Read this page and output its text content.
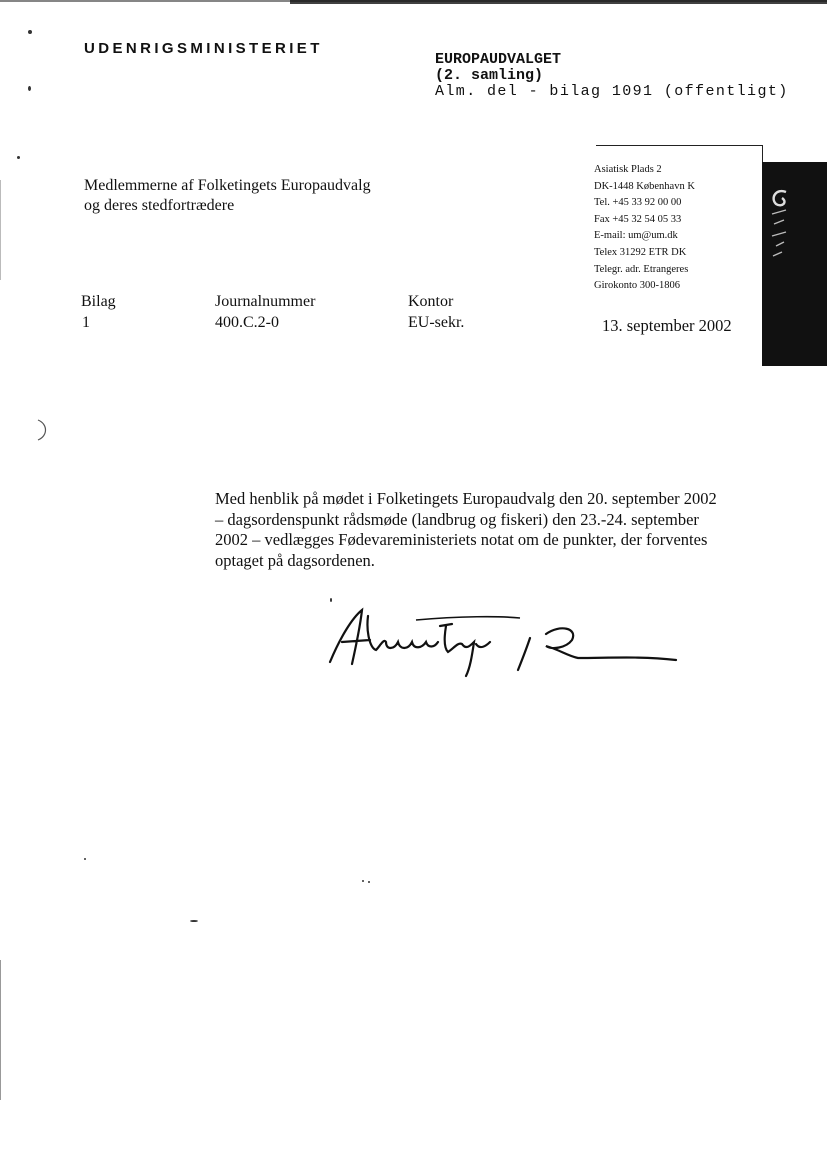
UDENRIGSMINISTERIET
EUROPAUDVALGET
(2. samling)
Alm. del - bilag 1091 (offentligt)
Asiatisk Plads 2
DK-1448 København K
Tel. +45 33 92 00 00
Fax +45 32 54 05 33
E-mail: um@um.dk
Telex 31292 ETR DK
Telegr. adr. Etrangeres
Girokonto 300-1806
Medlemmerne af Folketingets Europaudvalg
og deres stedfortrædere
Bilag
1
Journalnummer
400.C.2-0
Kontor
EU-sekr.	13. september 2002
Med henblik på mødet i Folketingets Europaudvalg den 20. september 2002
– dagsordenspunkt rådsmøde (landbrug og fiskeri) den 23.-24. september
2002 – vedlægges Fødevareministeriets notat om de punkter, der forventes
optaget på dagsordenen.
